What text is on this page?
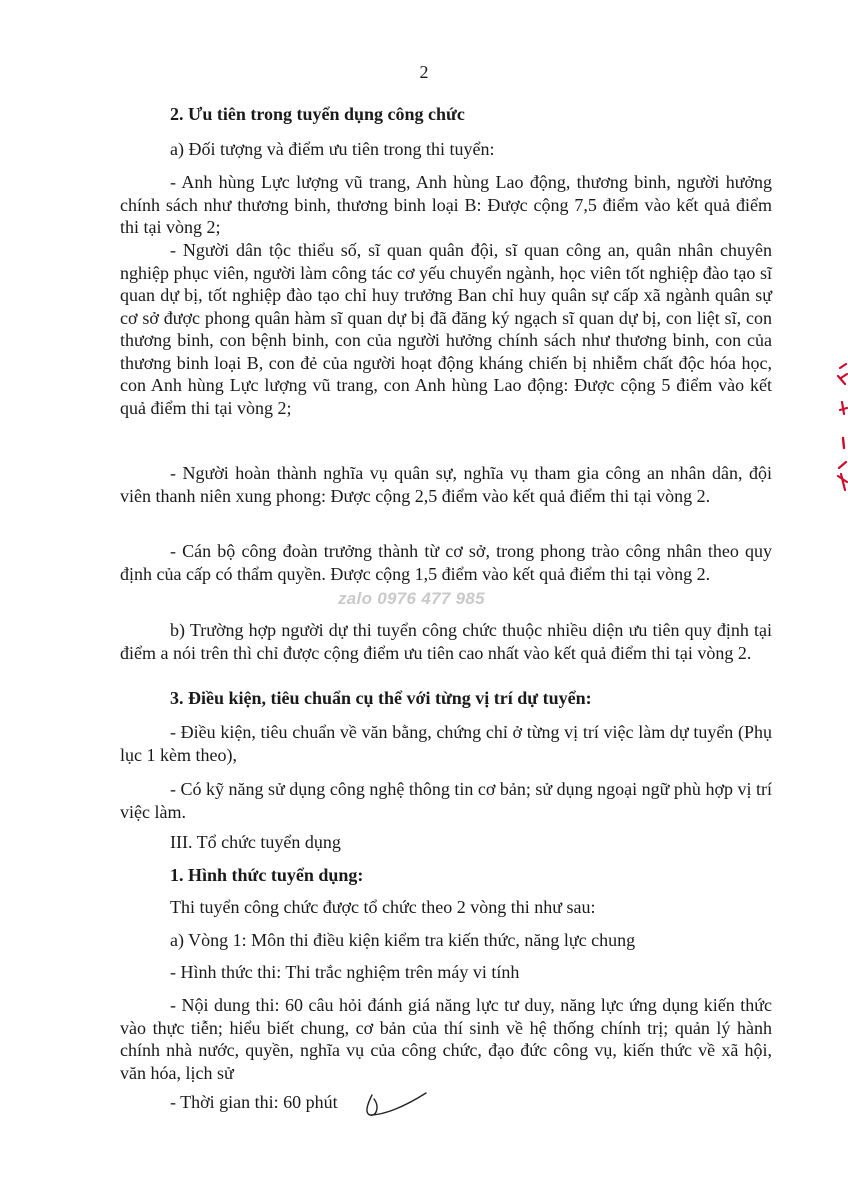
2
2. Ưu tiên trong tuyển dụng công chức
a) Đối tượng và điểm ưu tiên trong thi tuyển:
- Anh hùng Lực lượng vũ trang, Anh hùng Lao động, thương binh, người hưởng chính sách như thương binh, thương binh loại B: Được cộng 7,5 điểm vào kết quả điểm thi tại vòng 2;
- Người dân tộc thiểu số, sĩ quan quân đội, sĩ quan công an, quân nhân chuyên nghiệp phục viên, người làm công tác cơ yếu chuyển ngành, học viên tốt nghiệp đào tạo sĩ quan dự bị, tốt nghiệp đào tạo chỉ huy trưởng Ban chỉ huy quân sự cấp xã ngành quân sự cơ sở được phong quân hàm sĩ quan dự bị đã đăng ký ngạch sĩ quan dự bị, con liệt sĩ, con thương binh, con bệnh binh, con của người hưởng chính sách như thương binh, con của thương binh loại B, con đẻ của người hoạt động kháng chiến bị nhiễm chất độc hóa học, con Anh hùng Lực lượng vũ trang, con Anh hùng Lao động: Được cộng 5 điểm vào kết quả điểm thi tại vòng 2;
- Người hoàn thành nghĩa vụ quân sự, nghĩa vụ tham gia công an nhân dân, đội viên thanh niên xung phong: Được cộng 2,5 điểm vào kết quả điểm thi tại vòng 2.
- Cán bộ công đoàn trưởng thành từ cơ sở, trong phong trào công nhân theo quy định của cấp có thẩm quyền. Được cộng 1,5 điểm vào kết quả điểm thi tại vòng 2.
b) Trường hợp người dự thi tuyển công chức thuộc nhiều diện ưu tiên quy định tại điểm a nói trên thì chỉ được cộng điểm ưu tiên cao nhất vào kết quả điểm thi tại vòng 2.
3. Điều kiện, tiêu chuẩn cụ thể với từng vị trí dự tuyển:
- Điều kiện, tiêu chuẩn về văn bằng, chứng chỉ ở từng vị trí việc làm dự tuyển (Phụ lục 1 kèm theo),
- Có kỹ năng sử dụng công nghệ thông tin cơ bản; sử dụng ngoại ngữ phù hợp vị trí việc làm.
III. Tổ chức tuyển dụng
1. Hình thức tuyển dụng:
Thi tuyển công chức được tổ chức theo 2 vòng thi như sau:
a) Vòng 1: Môn thi điều kiện kiểm tra kiến thức, năng lực chung
- Hình thức thi: Thi trắc nghiệm trên máy vi tính
- Nội dung thi: 60 câu hỏi đánh giá năng lực tư duy, năng lực ứng dụng kiến thức vào thực tiễn; hiểu biết chung, cơ bản của thí sinh về hệ thống chính trị; quản lý hành chính nhà nước, quyền, nghĩa vụ của công chức, đạo đức công vụ, kiến thức về xã hội, văn hóa, lịch sử
- Thời gian thi: 60 phút
zalo 0976 477 985
